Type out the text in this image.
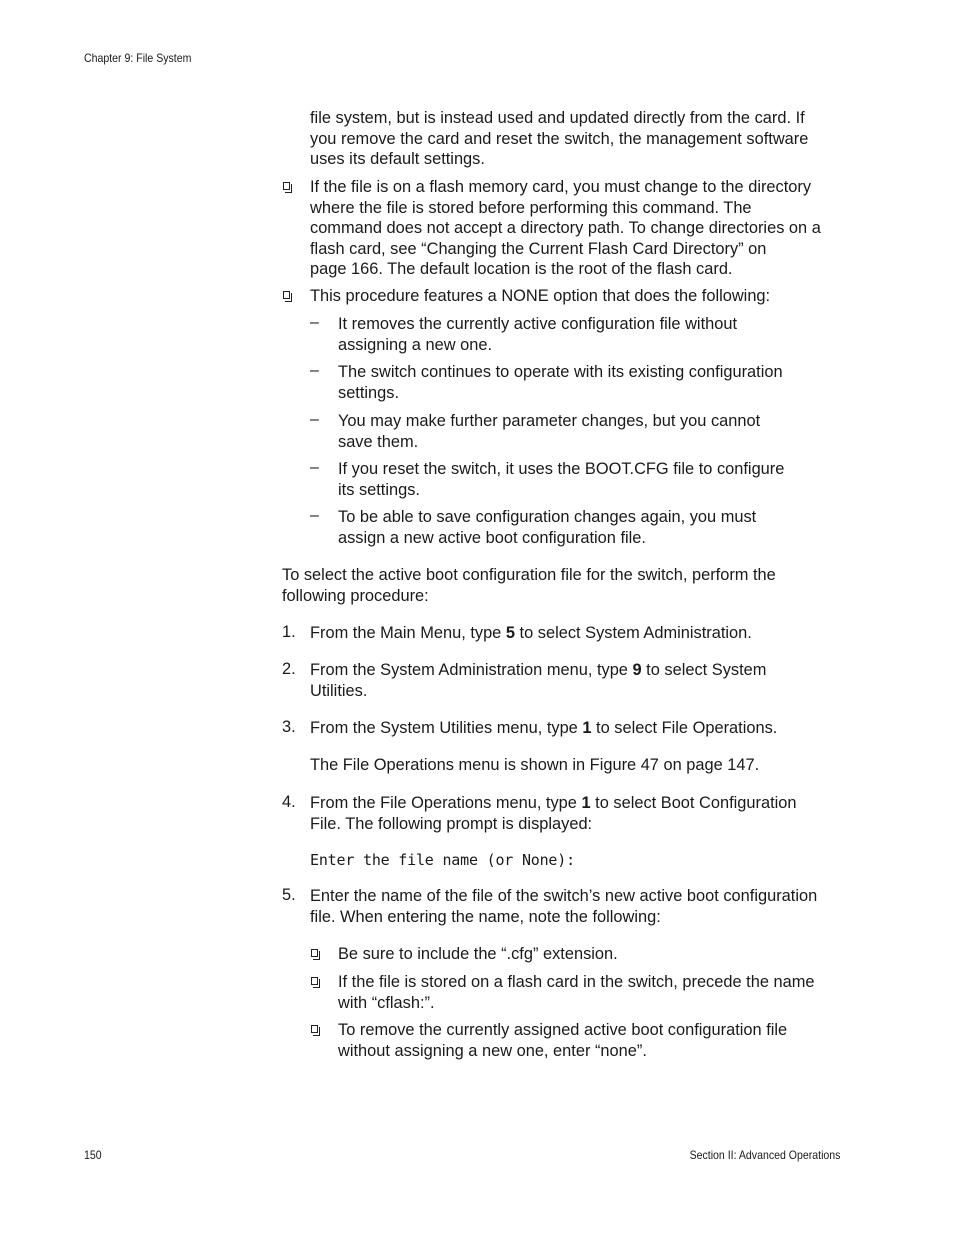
Chapter 9: File System

file system, but is instead used and updated directly from the card. If

you remove the card and reset the switch, the management software

uses its default settings.

If the file is on a flash memory card, you must change to the directory

where the file is stored before performing this command. The

command does not accept a directory path. To change directories on a

flash card, see “Changing the Current Flash Card Directory” on

page 166. The default location is the root of the flash card.

This procedure features a NONE option that does the following:

– It removes the currently active configuration file without

assigning a new one.

– The switch continues to operate with its existing configuration

settings.

– You may make further parameter changes, but you cannot

save them.

– If you reset the switch, it uses the BOOT.CFG file to configure

its settings.

– To be able to save configuration changes again, you must

assign a new active boot configuration file.

To select the active boot configuration file for the switch, perform the

following procedure:

1. From the Main Menu, type 5 to select System Administration.

2. From the System Administration menu, type 9 to select System

Utilities.

3. From the System Utilities menu, type 1 to select File Operations.

The File Operations menu is shown in Figure 47 on page 147.

4. From the File Operations menu, type 1 to select Boot Configuration

File. The following prompt is displayed:

Enter the file name (or None):
5. Enter the name of the file of the switch’s new active boot configuration

file. When entering the name, note the following:

Be sure to include the “.cfg” extension.

If the file is stored on a flash card in the switch, precede the name

with “cflash:”.

To remove the currently assigned active boot configuration file

without assigning a new one, enter “none”.

150	Section II: Advanced Operations
